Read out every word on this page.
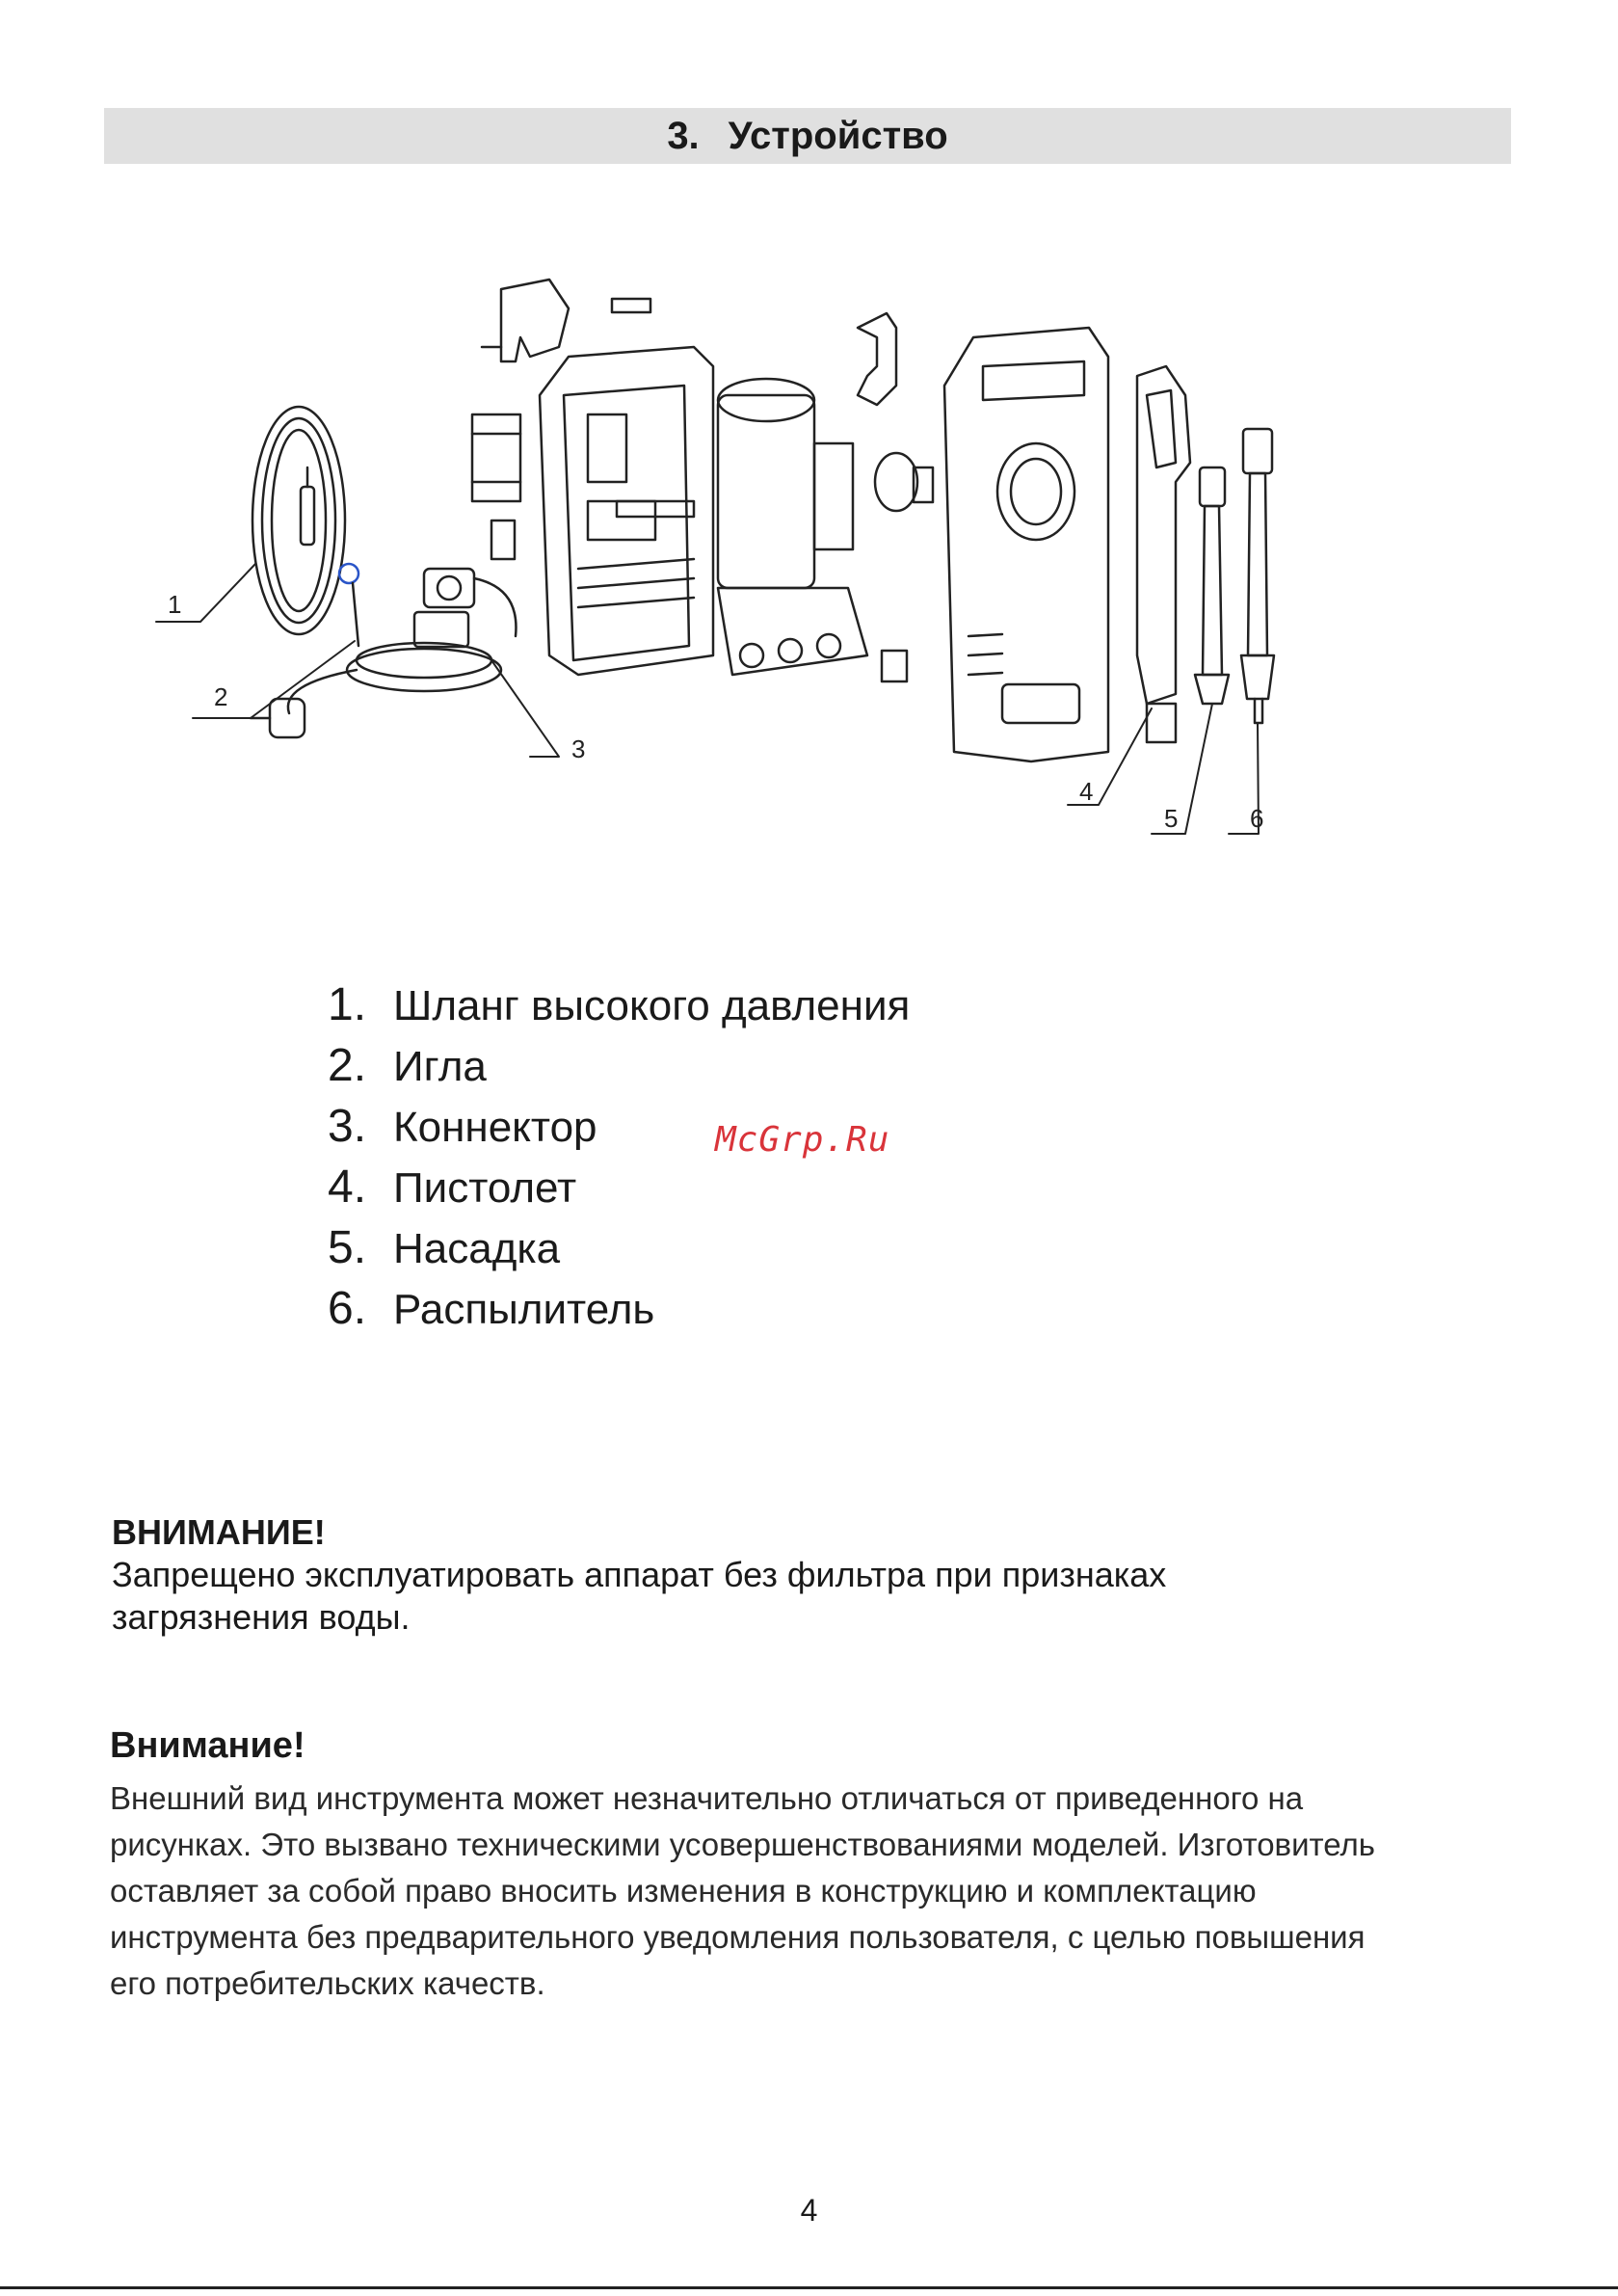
3. Устройство
1
2
3
4
5	6
1. Шланг высокого давления
2. Игла
3. Коннектор
4. Пистолет
5. Насадка
6. Распылитель
McGrp.Ru
ВНИМАНИЕ!
Запрещено эксплуатировать аппарат без фильтра при признаках
загрязнения воды.
Внимание!
Внешний вид инструмента может незначительно отличаться от приведенного на
рисунках. Это вызвано техническими усовершенствованиями моделей. Изготовитель
оставляет за собой право вносить изменения в конструкцию и комплектацию
инструмента без предварительного уведомления пользователя, с целью повышения
его потребительских качеств.
4
